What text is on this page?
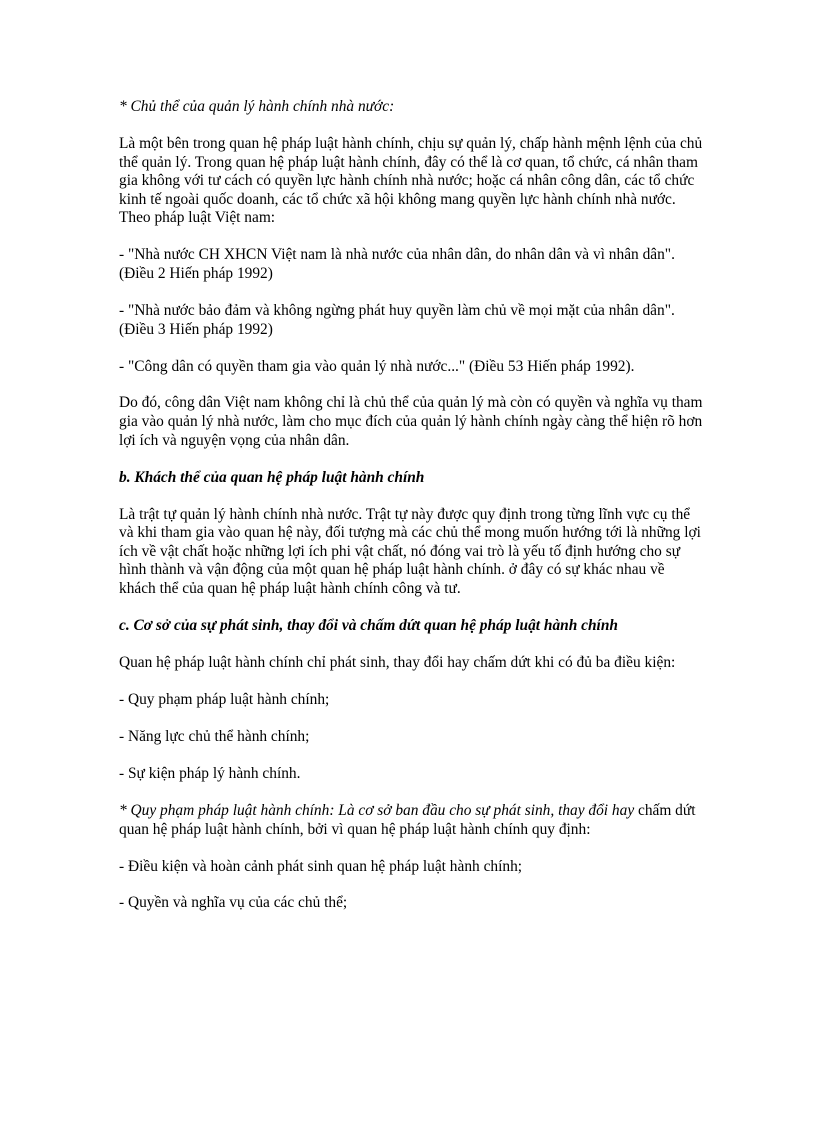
* Chủ thể của quản lý hành chính nhà nước:

Là một bên trong quan hệ pháp luật hành chính, chịu sự quản lý, chấp hành mệnh lệnh của chủ thể quản lý. Trong quan hệ pháp luật hành chính, đây có thể là cơ quan, tổ chức, cá nhân tham gia không với tư cách có quyền lực hành chính nhà nước; hoặc cá nhân công dân, các tổ chức kinh tế ngoài quốc doanh, các tổ chức xã hội không mang quyền lực hành chính nhà nước. Theo pháp luật Việt nam:

- "Nhà nước CH XHCN Việt nam là nhà nước của nhân dân, do nhân dân và vì nhân dân". (Điều 2 Hiến pháp 1992)

- "Nhà nước bảo đảm và không ngừng phát huy quyền làm chủ về mọi mặt của nhân dân". (Điều 3 Hiến pháp 1992)

- "Công dân có quyền tham gia vào quản lý nhà nước..." (Điều 53 Hiến pháp 1992).

Do đó, công dân Việt nam không chỉ là chủ thể của quản lý mà còn có quyền và nghĩa vụ tham gia vào quản lý nhà nước, làm cho mục đích của quản lý hành chính ngày càng thể hiện rõ hơn lợi ích và nguyện vọng của nhân dân.

b. Khách thể của quan hệ pháp luật hành chính

Là trật tự quản lý hành chính nhà nước. Trật tự này được quy định trong từng lĩnh vực cụ thể và khi tham gia vào quan hệ này, đối tượng mà các chủ thể mong muốn hướng tới là những lợi ích về vật chất hoặc những lợi ích phi vật chất, nó đóng vai trò là yếu tố định hướng cho sự hình thành và vận động của một quan hệ pháp luật hành chính. ở đây có sự khác nhau về khách thể của quan hệ pháp luật hành chính công và tư.

c. Cơ sở của sự phát sinh, thay đổi và chấm dứt quan hệ pháp luật hành chính

Quan hệ pháp luật hành chính chỉ phát sinh, thay đổi hay chấm dứt khi có đủ ba điều kiện:

- Quy phạm pháp luật hành chính;

- Năng lực chủ thể hành chính;

- Sự kiện pháp lý hành chính.

* Quy phạm pháp luật hành chính: Là cơ sở ban đầu cho sự phát sinh, thay đổi hay chấm dứt quan hệ pháp luật hành chính, bởi vì quan hệ pháp luật hành chính quy định:

- Điều kiện và hoàn cảnh phát sinh quan hệ pháp luật hành chính;

- Quyền và nghĩa vụ của các chủ thể;
